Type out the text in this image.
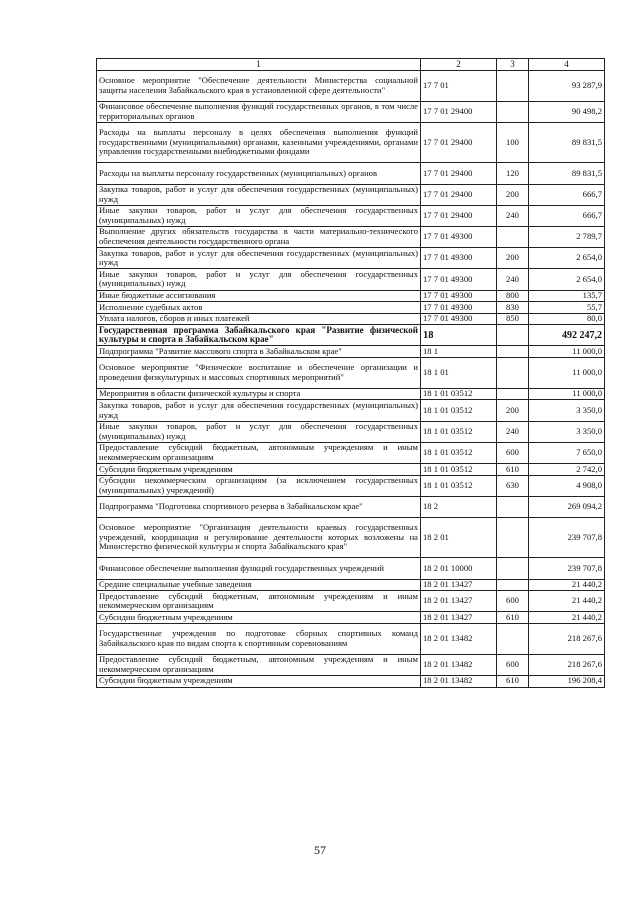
1	2	3	4
Основное мероприятие "Обеспечение деятельности Министерства социальной защиты населения Забайкальского края в установленной сфере деятельности"	17 7 01		93 287,9
Финансовое обеспечение выполнения функций государственных органов, в том числе территориальных органов	17 7 01 29400		90 498,2
Расходы на выплаты персоналу в целях обеспечения выполнения функций государственными (муниципальными) органами, казенными учреждениями, органами управления государственными внебюджетными фондами	17 7 01 29400	100	89 831,5
Расходы на выплаты персоналу государственных (муниципальных) органов	17 7 01 29400	120	89 831,5
Закупка товаров, работ и услуг для обеспечения государственных (муниципальных) нужд	17 7 01 29400	200	666,7
Иные закупки товаров, работ и услуг для обеспечения государственных (муниципальных) нужд	17 7 01 29400	240	666,7
Выполнение других обязательств государства в части материально-технического обеспечения деятельности государственного органа	17 7 01 49300		2 789,7
Закупка товаров, работ и услуг для обеспечения государственных (муниципальных) нужд	17 7 01 49300	200	2 654,0
Иные закупки товаров, работ и услуг для обеспечения государственных (муниципальных) нужд	17 7 01 49300	240	2 654,0
Иные бюджетные ассигнования	17 7 01 49300	800	135,7
Исполнение судебных актов	17 7 01 49300	830	55,7
Уплата налогов, сборов и иных платежей	17 7 01 49300	850	80,0
Государственная программа Забайкальского края "Развитие физической культуры и спорта в Забайкальском крае"	18		492 247,2
Подпрограмма "Развитие массового спорта в Забайкальском крае"	18 1		11 000,0
Основное мероприятие "Физическое воспитание и обеспечение организации и проведения физкультурных и массовых спортивных мероприятий"	18 1 01		11 000,0
Мероприятия в области физической культуры и спорта	18 1 01 03512		11 000,0
Закупка товаров, работ и услуг для обеспечения государственных (муниципальных) нужд	18 1 01 03512	200	3 350,0
Иные закупки товаров, работ и услуг для обеспечения государственных (муниципальных) нужд	18 1 01 03512	240	3 350,0
Предоставление субсидий бюджетным, автономным учреждениям и иным некоммерческим организациям	18 1 01 03512	600	7 650,0
Субсидии бюджетным учреждениям	18 1 01 03512	610	2 742,0
Субсидии некоммерческим организациям (за исключением государственных (муниципальных) учреждений)	18 1 01 03512	630	4 908,0
Подпрограмма "Подготовка спортивного резерва в Забайкальском крае"	18 2		269 094,2
Основное мероприятие "Организация деятельности краевых государственных учреждений, координация и регулирование деятельности которых возложены на Министерство физической культуры и спорта Забайкальского края"	18 2 01		239 707,8
Финансовое обеспечение выполнения функций государственных учреждений	18 2 01 10000		239 707,8
Средние специальные учебные заведения	18 2 01 13427		21 440,2
Предоставление субсидий бюджетным, автономным учреждениям и иным некоммерческим организациям	18 2 01 13427	600	21 440,2
Субсидии бюджетным учреждениям	18 2 01 13427	610	21 440,2
Государственные учреждения по подготовке сборных спортивных команд Забайкальского края по видам спорта к спортивным соревнованиям	18 2 01 13482		218 267,6
Предоставление субсидий бюджетным, автономным учреждениям и иным некоммерческим организациям	18 2 01 13482	600	218 267,6
Субсидии бюджетным учреждениям	18 2 01 13482	610	196 208,4
57
